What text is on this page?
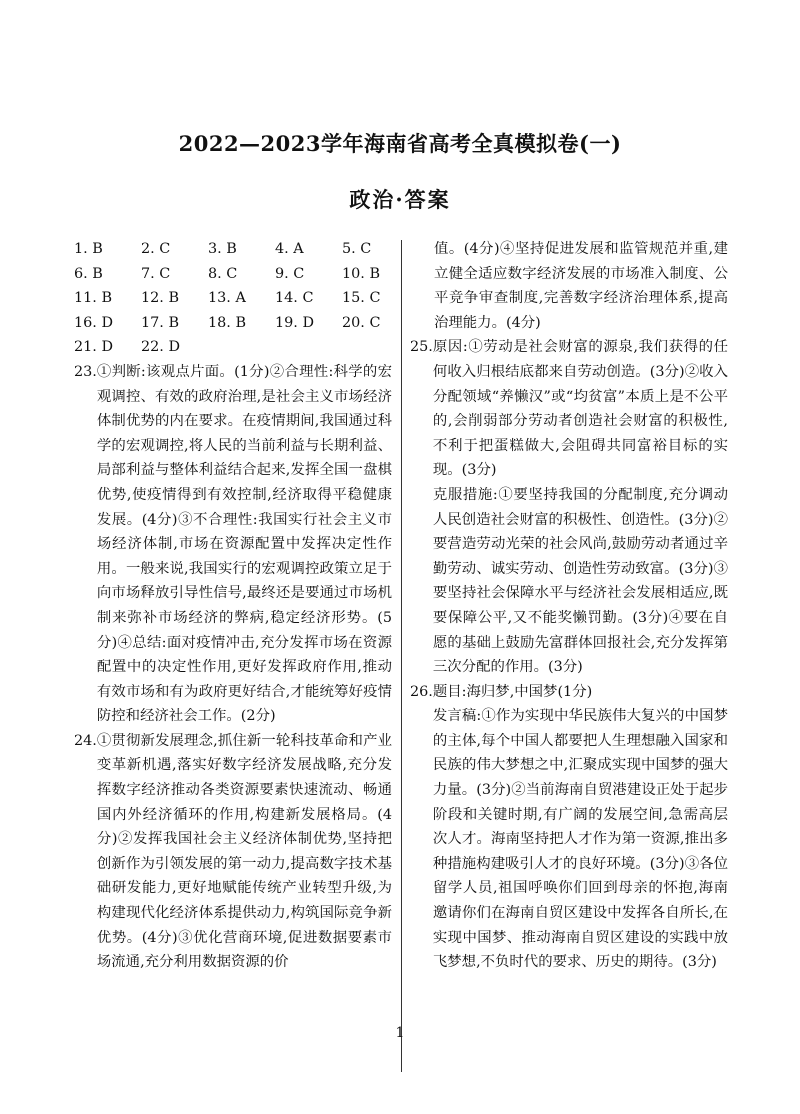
2022—2023学年海南省高考全真模拟卷(一)
政治·答案
1. B	2. C	3. B	4. A	5. C
6. B	7. C	8. C	9. C	10. B
11. B 12. B 13. A 14. C 15. C
16. D 17. B 18. B 19. D 20. C
21. D 22. D
23. ①判断:该观点片面。(1分)②合理性:科学的宏观调控、有效的政府治理,是社会主义市场经济体制优势的内在要求。在疫情期间,我国通过科学的宏观调控,将人民的当前利益与长期利益、局部利益与整体利益结合起来,发挥全国一盘棋优势,使疫情得到有效控制,经济取得平稳健康发展。(4分)③不合理性:我国实行社会主义市场经济体制,市场在资源配置中发挥决定性作用。一般来说,我国实行的宏观调控政策立足于向市场释放引导性信号,最终还是要通过市场机制来弥补市场经济的弊病,稳定经济形势。(5分)④总结:面对疫情冲击,充分发挥市场在资源配置中的决定性作用,更好发挥政府作用,推动有效市场和有为政府更好结合,才能统筹好疫情防控和经济社会工作。(2分)
24. ①贯彻新发展理念,抓住新一轮科技革命和产业变革新机遇,落实好数字经济发展战略,充分发挥数字经济推动各类资源要素快速流动、畅通国内外经济循环的作用,构建新发展格局。(4分)②发挥我国社会主义经济体制优势,坚持把创新作为引领发展的第一动力,提高数字技术基础研发能力,更好地赋能传统产业转型升级,为构建现代化经济体系提供动力,构筑国际竞争新优势。(4分)③优化营商环境,促进数据要素市场流通,充分利用数据资源的价
值。(4分)④坚持促进发展和监管规范并重,建立健全适应数字经济发展的市场准入制度、公平竞争审查制度,完善数字经济治理体系,提高治理能力。(4分)
25. 原因:①劳动是社会财富的源泉,我们获得的任何收入归根结底都来自劳动创造。(3分)②收入分配领域“养懒汉”或“均贫富”本质上是不公平的,会削弱部分劳动者创造社会财富的积极性,不利于把蛋糕做大,会阻碍共同富裕目标的实现。(3分)
克服措施:①要坚持我国的分配制度,充分调动人民创造社会财富的积极性、创造性。(3分)②要营造劳动光荣的社会风尚,鼓励劳动者通过辛勤劳动、诚实劳动、创造性劳动致富。(3分)③要坚持社会保障水平与经济社会发展相适应,既要保障公平,又不能奖懒罚勤。(3分)④要在自愿的基础上鼓励先富群体回报社会,充分发挥第三次分配的作用。(3分)
26. 题目:海归梦,中国梦(1分)
发言稿:①作为实现中华民族伟大复兴的中国梦的主体,每个中国人都要把人生理想融入国家和民族的伟大梦想之中,汇聚成实现中国梦的强大力量。(3分)②当前海南自贸港建设正处于起步阶段和关键时期,有广阔的发展空间,急需高层次人才。海南坚持把人才作为第一资源,推出多种措施构建吸引人才的良好环境。(3分)③各位留学人员,祖国呼唤你们回到母亲的怀抱,海南邀请你们在海南自贸区建设中发挥各自所长,在实现中国梦、推动海南自贸区建设的实践中放飞梦想,不负时代的要求、历史的期待。(3分)
1
